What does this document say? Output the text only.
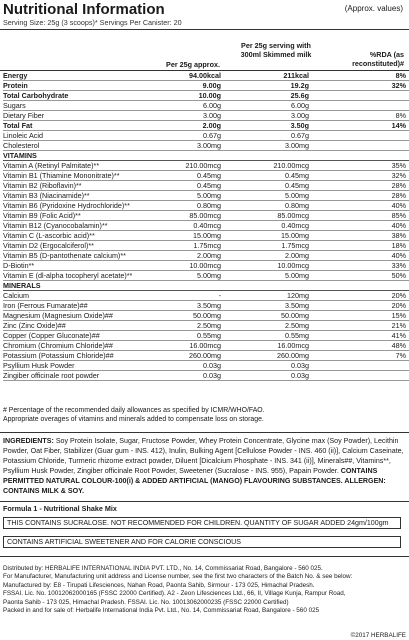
Nutritional Information	(Approx. values)
Serving Size: 25g (3 scoops)* Servings Per Canister: 20
Per 25g approx.
Per 25g serving with 300ml Skimmed milk	%RDA (as reconstituted)#
Energy	94.00kcal	211kcal	8%
Protein	9.00g	19.2g	32%
Total Carbohydrate	10.00g	25.6g	
Sugars	6.00g	6.00g	
Dietary Fiber	3.00g	3.00g	8%
Total Fat	2.00g	3.50g	14%
Linoleic Acid	0.67g	0.67g	
Cholesterol	3.00mg	3.00mg	
VITAMINS			
Vitamin A (Retinyl Palmitate)**	210.00mcg	210.00mcg	35%
Vitamin B1 (Thiamine Mononitrate)**	0.45mg	0.45mg	32%
Vitamin B2 (Riboflavin)**	0.45mg	0.45mg	28%
Vitamin B3 (Niacinamide)**	5.00mg	5.00mg	28%
Vitamin B6 (Pyridoxine Hydrochloride)**	0.80mg	0.80mg	40%
Vitamin B9 (Folic Acid)**	85.00mcg	85.00mcg	85%
Vitamin B12 (Cyanocobalamin)**	0.40mcg	0.40mcg	40%
Vitamin C (L-ascorbic acid)**	15.00mg	15.00mg	38%
Vitamin D2 (Ergocalciferol)**	1.75mcg	1.75mcg	18%
Vitamin B5 (D-pantothenate calcium)**	2.00mg	2.00mg	40%
D-Biotin**	10.00mcg	10.00mcg	33%
Vitamin E (dl-alpha tocopheryl acetate)**	5.00mg	5.00mg	50%
MINERALS			
Calcium	-	120mg	20%
Iron (Ferrous Fumarate)##	3.50mg	3.50mg	20%
Magnesium (Magnesium Oxide)##	50.00mg	50.00mg	15%
Zinc (Zinc Oxide)##	2.50mg	2.50mg	21%
Copper (Copper Gluconate)##	0.55mg	0.55mg	41%
Chromium (Chromium Chloride)##	16.00mcg	16.00mcg	48%
Potassium (Potassium Chloride)##	260.00mg	260.00mg	7%
Psyllium Husk Powder	0.03g	0.03g	
Zingiber officinale root powder	0.03g	0.03g	
# Percentage of the recommended daily allowances as specified by ICMR/WHO/FAO.
Appropriate overages of vitamins and minerals added to compensate loss on storage.
INGREDIENTS: Soy Protein Isolate, Sugar, Fructose Powder, Whey Protein Concentrate, Glycine max (Soy Powder), Lecithin Powder, Oat Fiber, Stabilizer (Guar gum - INS. 412), Inulin, Bulking Agent [Cellulose Powder - INS. 460 (ii)], Calcium Caseinate, Potassium Chloride, Turmeric rhizome extract powder, Diluent [Dicalcium Phosphate - INS. 341 (ii)], Minerals##, Vitamins**, Psyllium Husk Powder, Zingiber officinale Root Powder, Sweetener (Sucralose - INS. 955), Papain Powder. CONTAINS PERMITTED NATURAL COLOUR-100(i) & ADDED ARTIFICIAL (MANGO) FLAVOURING SUBSTANCES. ALLERGEN: CONTAINS MILK & SOY.
Formula 1 - Nutritional Shake Mix
THIS CONTAINS SUCRALOSE. NOT RECOMMENDED FOR CHILDREN. QUANTITY OF SUGAR ADDED 24gm/100gm
CONTAINS ARTIFICIAL SWEETENER AND FOR CALORIE CONSCIOUS
Distributed by: HERBALIFE INTERNATIONAL INDIA PVT. LTD., No. 14, Commissariat Road, Bangalore - 560 025.
For Manufacturer, Manufacturing unit address and License number, see the first two characters of the Batch No. & see below:
Manufactured by: E8 - Tirupati Lifesciences, Nahan Road, Paonta Sahib, Sirmour - 173 025, Himachal Pradesh.
FSSAI. Lic. No. 10012062000165 (FSSC 22000 Certified). A2 - Zeon Lifesciences Ltd., 66, II, Village Kunja, Rampur Road,
Paonta Sahib - 173 025, Himachal Pradesh. FSSAI. Lic. No. 10013062000235 (FSSC 22000 Certified)
Packed in and for sale of: Herbalife International India Pvt. Ltd., No. 14, Commissariat Road, Bangalore - 560 025
©2017 HERBALIFE
